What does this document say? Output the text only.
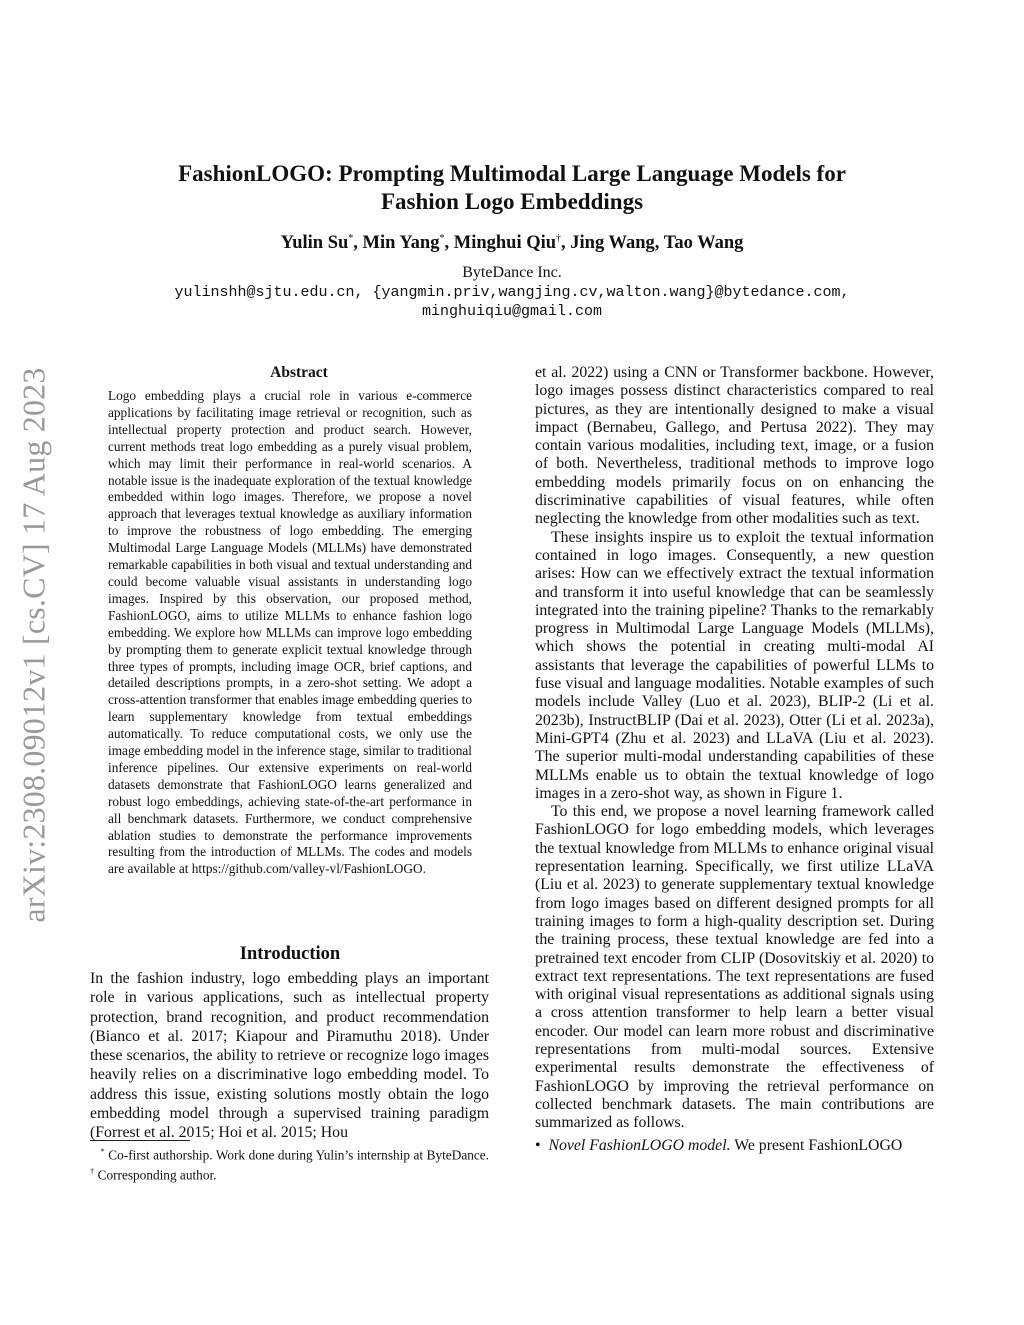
FashionLOGO: Prompting Multimodal Large Language Models for
Fashion Logo Embeddings
Yulin Su*, Min Yang*, Minghui Qiu†, Jing Wang, Tao Wang
ByteDance Inc.
yulinshh@sjtu.edu.cn, {yangmin.priv,wangjing.cv,walton.wang}@bytedance.com,
minghuiqiu@gmail.com
arXiv:2308.09012v1 [cs.CV] 17 Aug 2023	Abstract

Logo embedding plays a crucial role in various e-commerce applications by facilitating image retrieval or recognition, such as intellectual property protection and product search. However, current methods treat logo embedding as a purely visual problem, which may limit their performance in real-world scenarios. A notable issue is the inadequate exploration of the textual knowledge embedded within logo images. Therefore, we propose a novel approach that leverages textual knowledge as auxiliary information to improve the robustness of logo embedding. The emerging Multimodal Large Language Models (MLLMs) have demonstrated remarkable capabilities in both visual and textual understanding and could become valuable visual assistants in understanding logo images. Inspired by this observation, our proposed method, FashionLOGO, aims to utilize MLLMs to enhance fashion logo embedding. We explore how MLLMs can improve logo embedding by prompting them to generate explicit textual knowledge through three types of prompts, including image OCR, brief captions, and detailed descriptions prompts, in a zero-shot setting. We adopt a cross-attention transformer that enables image embedding queries to learn supplementary knowledge from textual embeddings automatically. To reduce computational costs, we only use the image embedding model in the inference stage, similar to traditional inference pipelines. Our extensive experiments on real-world datasets demonstrate that FashionLOGO learns generalized and robust logo embeddings, achieving state-of-the-art performance in all benchmark datasets. Furthermore, we conduct comprehensive ablation studies to demonstrate the performance improvements resulting from the introduction of MLLMs. The codes and models are available at https://github.com/valley-vl/FashionLOGO.

Introduction

In the fashion industry, logo embedding plays an important role in various applications, such as intellectual property protection, brand recognition, and product recommendation (Bianco et al. 2017; Kiapour and Piramuthu 2018). Under these scenarios, the ability to retrieve or recognize logo images heavily relies on a discriminative logo embedding model. To address this issue, existing solutions mostly obtain the logo embedding model through a supervised training paradigm (Forrest et al. 2015; Hoi et al. 2015; Hou

* Co-first authorship. Work done during Yulin’s internship at ByteDance. † Corresponding author.

et al. 2022) using a CNN or Transformer backbone. However, logo images possess distinct characteristics compared to real pictures, as they are intentionally designed to make a visual impact (Bernabeu, Gallego, and Pertusa 2022). They may contain various modalities, including text, image, or a fusion of both. Nevertheless, traditional methods to improve logo embedding models primarily focus on on enhancing the discriminative capabilities of visual features, while often neglecting the knowledge from other modalities such as text.

These insights inspire us to exploit the textual information contained in logo images. Consequently, a new question arises: How can we effectively extract the textual information and transform it into useful knowledge that can be seamlessly integrated into the training pipeline? Thanks to the remarkably progress in Multimodal Large Language Models (MLLMs), which shows the potential in creating multi-modal AI assistants that leverage the capabilities of powerful LLMs to fuse visual and language modalities. Notable examples of such models include Valley (Luo et al. 2023), BLIP-2 (Li et al. 2023b), InstructBLIP (Dai et al. 2023), Otter (Li et al. 2023a), Mini-GPT4 (Zhu et al. 2023) and LLaVA (Liu et al. 2023). The superior multi-modal understanding capabilities of these MLLMs enable us to obtain the textual knowledge of logo images in a zero-shot way, as shown in Figure 1.

To this end, we propose a novel learning framework called FashionLOGO for logo embedding models, which leverages the textual knowledge from MLLMs to enhance original visual representation learning. Specifically, we first utilize LLaVA (Liu et al. 2023) to generate supplementary textual knowledge from logo images based on different designed prompts for all training images to form a high-quality description set. During the training process, these textual knowledge are fed into a pretrained text encoder from CLIP (Dosovitskiy et al. 2020) to extract text representations. The text representations are fused with original visual representations as additional signals using a cross attention transformer to help learn a better visual encoder. Our model can learn more robust and discriminative representations from multi-modal sources. Extensive experimental results demonstrate the effectiveness of FashionLOGO by improving the retrieval performance on collected benchmark datasets. The main contributions are summarized as follows.

• Novel FashionLOGO model. We present FashionLOGO
